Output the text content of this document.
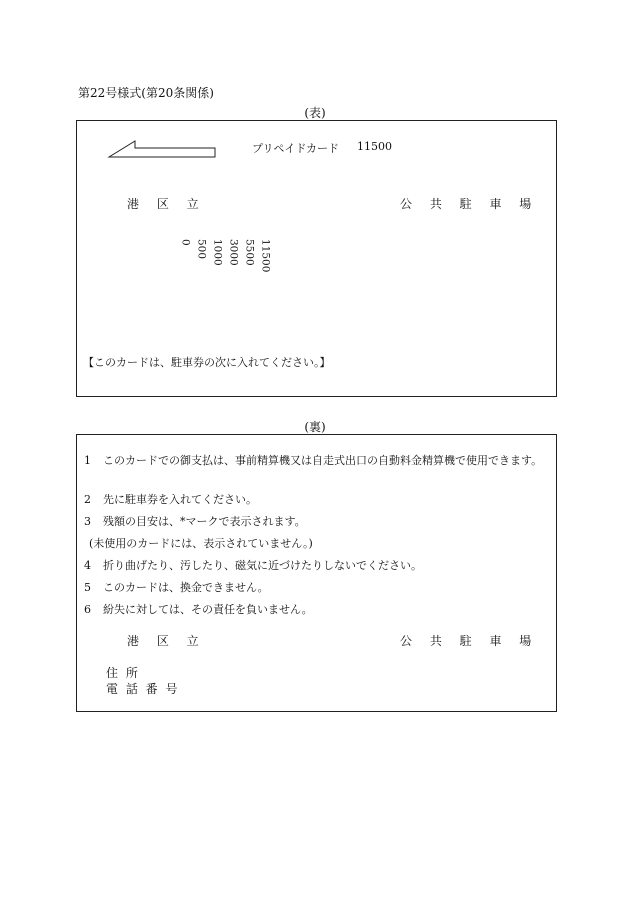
第22号様式(第20条関係)
(表)
プリペイドカード 11500
港 区 立	公 共 駐 車 場
0 500 1000 3000 5500 11500
【このカードは、駐車券の次に入れてください。】
(裏)
1 このカードでの御支払は、事前精算機又は自走式出口の自動料金精算機で使用できます。
2 先に駐車券を入れてください。
3 残額の目安は、*マークで表示されます。
(未使用のカードには、表示されていません。)
4 折り曲げたり、汚したり、磁気に近づけたりしないでください。
5 このカードは、換金できません。
6 紛失に対しては、その責任を負いません。
港 区 立	公 共 駐 車 場
住 所
電 話 番 号
